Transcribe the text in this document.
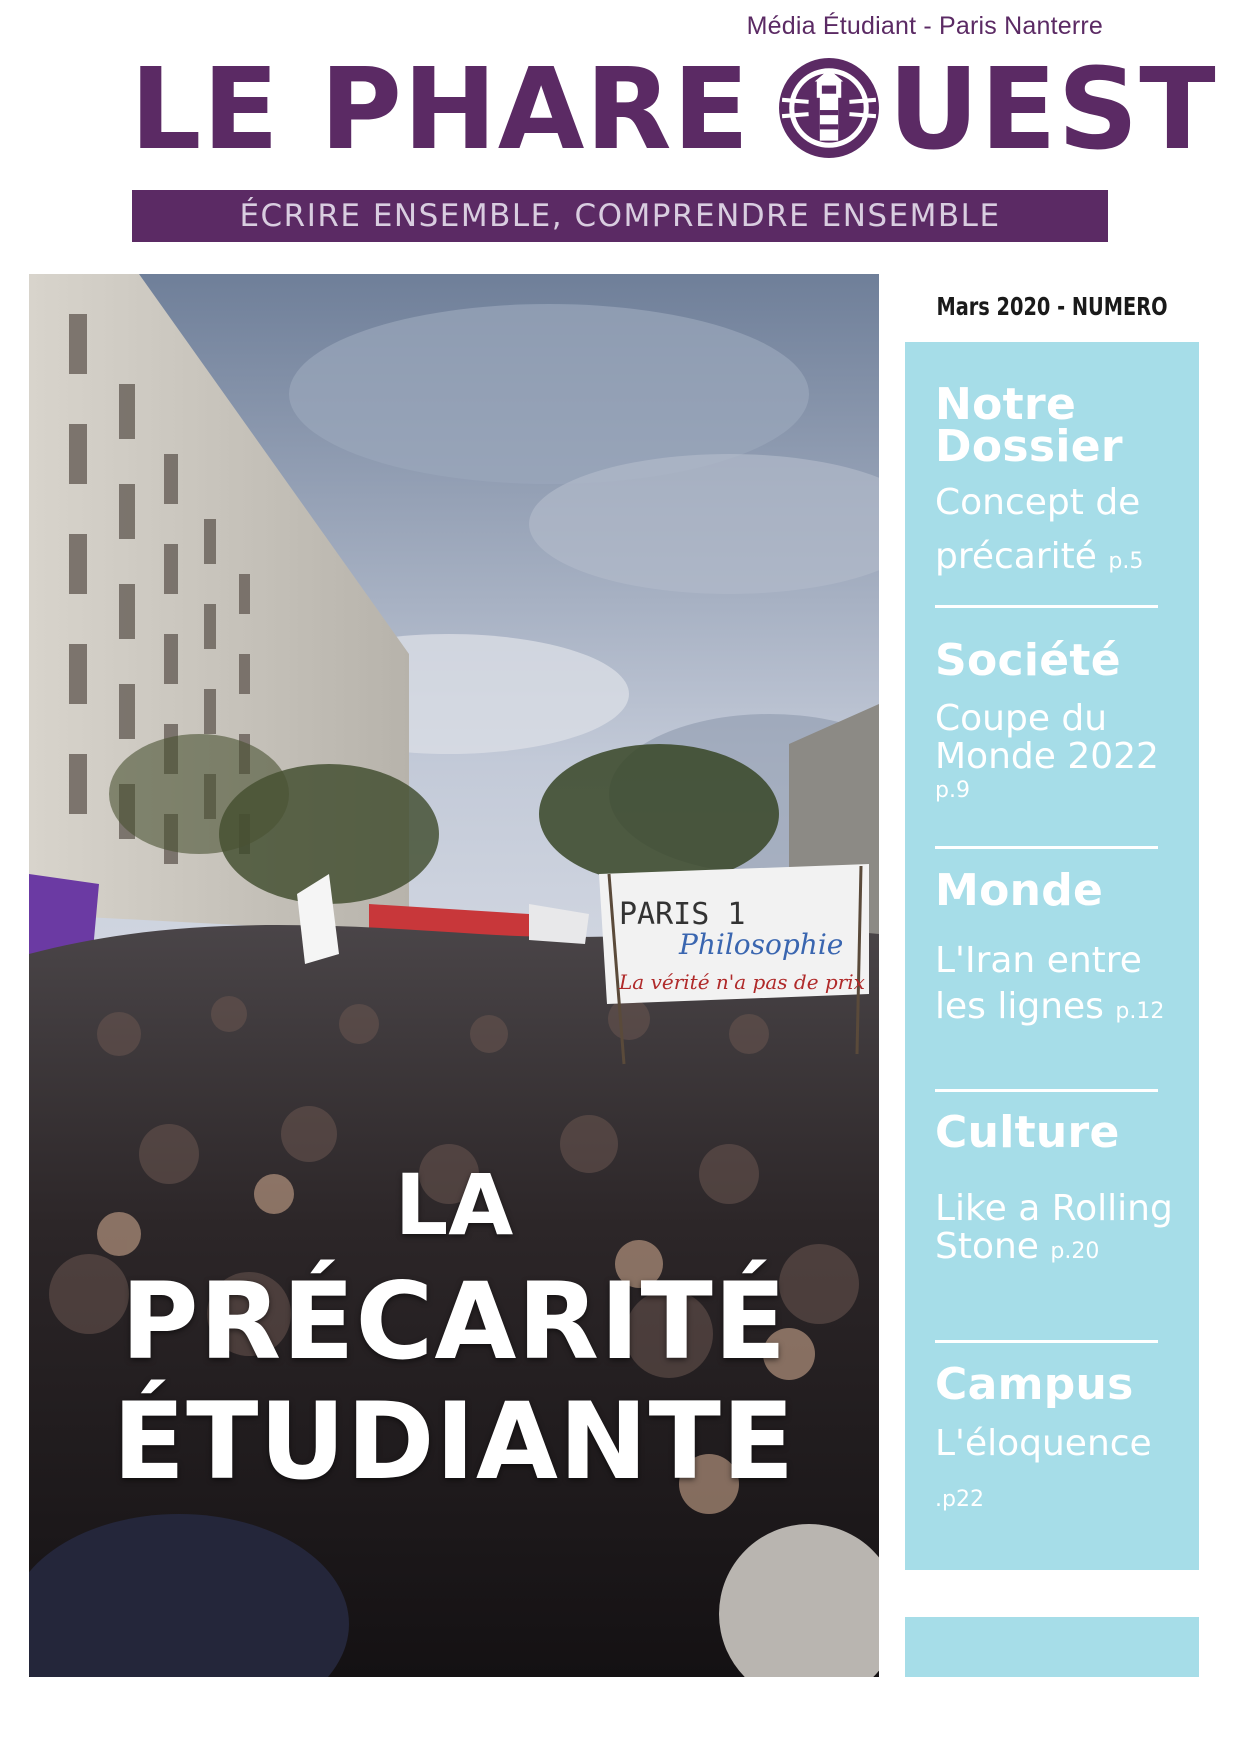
Média Étudiant - Paris Nanterre
LE PHARE UEST
ÉCRIRE ENSEMBLE, COMPRENDRE ENSEMBLE
PARIS 1
Philosophie
La vérité n'a pas de prix
LA
PRÉCARITÉ
ÉTUDIANTE
Mars 2020 - NUMERO
Notre
Dossier
Concept de
précarité p.5
Société
Coupe du
Monde 2022
p.9
Monde
L'Iran entre
les lignes p.12
Culture
Like a Rolling
Stone p.20
Campus
L'éloquence
.p22
